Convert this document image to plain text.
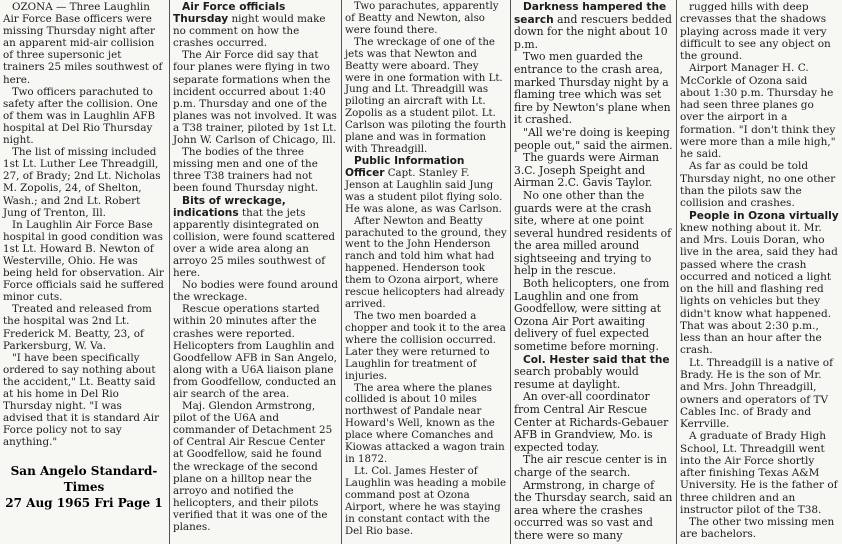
OZONA — Three Laughlin Air Force Base officers were missing Thursday night after an apparent mid-air collision of three supersonic jet trainers 25 miles southwest of here.

Two officers parachuted to safety after the collision. One of them was in Laughlin AFB hospital at Del Rio Thursday night.

The list of missing included 1st Lt. Luther Lee Threadgill, 27, of Brady; 2nd Lt. Nicholas M. Zopolis, 24, of Shelton, Wash.; and 2nd Lt. Robert Jung of Trenton, Ill.

In Laughlin Air Force Base hospital in good condition was 1st Lt. Howard B. Newton of Westerville, Ohio. He was being held for observation. Air Force officials said he suffered minor cuts.

Treated and released from the hospital was 2nd Lt. Frederick M. Beatty, 23, of Parkersburg, W. Va.

"I have been specifically ordered to say nothing about the accident," Lt. Beatty said at his home in Del Rio Thursday night. "I was advised that it is standard Air Force policy not to say anything."

Air Force officials Thursday night would make no comment on how the crashes occurred.

The Air Force did say that four planes were flying in two separate formations when the incident occurred about 1:40 p.m. Thursday and one of the planes was not involved. It was a T38 trainer, piloted by 1st Lt. John W. Carlson of Chicago, Ill.

The bodies of the three missing men and one of the three T38 trainers had not been found Thursday night.

Bits of wreckage, indications that the jets apparently disintegrated on collision, were found scattered over a wide area along an arroyo 25 miles southwest of here.

No bodies were found around the wreckage.

Rescue operations started within 20 minutes after the crashes were reported. Helicopters from Laughlin and Goodfellow AFB in San Angelo, along with a U6A liaison plane from Goodfellow, conducted an air search of the area.

Maj. Glendon Armstrong, pilot of the U6A and commander of Detachment 25 of Central Air Rescue Center at Goodfellow, said he found the wreckage of the second plane on a hilltop near the arroyo and notified the helicopters, and their pilots verified that it was one of the planes.

Two parachutes, apparently of Beatty and Newton, also were found there.

The wreckage of one of the jets was that Newton and Beatty were aboard. They were in one formation with Lt. Jung and Lt. Threadgill was piloting an aircraft with Lt. Zopolis as a student pilot. Lt. Carlson was piloting the fourth plane and was in formation with Threadgill.

Public Information Officer Capt. Stanley F. Jenson at Laughlin said Jung was a student pilot flying solo. He was alone, as was Carlson.

After Newton and Beatty parachuted to the ground, they went to the John Henderson ranch and told him what had happened. Henderson took them to Ozona airport, where rescue helicopters had already arrived.

The two men boarded a chopper and took it to the area where the collision occurred. Later they were returned to Laughlin for treatment of injuries.

The area where the planes collided is about 10 miles northwest of Pandale near Howard's Well, known as the place where Comanches and Kiowas attacked a wagon train in 1872.

Lt. Col. James Hester of Laughlin was heading a mobile command post at Ozona Airport, where he was staying in constant contact with the Del Rio base.

Darkness hampered the search and rescuers bedded down for the night about 10 p.m.

Two men guarded the entrance to the crash area, marked Thursday night by a flaming tree which was set fire by Newton's plane when it crashed.

"All we're doing is keeping people out," said the airmen.

The guards were Airman 3.C. Joseph Speight and Airman 2.C. Gavis Taylor.

No one other than the guards were at the crash site, where at one point several hundred residents of the area milled around sightseeing and trying to help in the rescue.

Both helicopters, one from Laughlin and one from Goodfellow, were sitting at Ozona Air Port awaiting delivery of fuel expected sometime before morning.

Col. Hester said that the search probably would resume at daylight.

An over-all coordinator from Central Air Rescue Center at Richards-Gebauer AFB in Grandview, Mo. is expected today.

The air rescue center is in charge of the search.

Armstrong, in charge of the Thursday search, said an area where the crashes occurred was so vast and there were so many

rugged hills with deep crevasses that the shadows playing across made it very difficult to see any object on the ground.

Airport Manager H. C. McCorkle of Ozona said about 1:30 p.m. Thursday he had seen three planes go over the airport in a formation. "I don't think they were more than a mile high," he said.

As far as could be told Thursday night, no one other than the pilots saw the collision and crashes.

People in Ozona virtually knew nothing about it. Mr. and Mrs. Louis Doran, who live in the area, said they had passed where the crash occurred and noticed a light on the hill and flashing red lights on vehicles but they didn't know what happened. That was about 2:30 p.m., less than an hour after the crash.

Lt. Threadgill is a native of Brady. He is the son of Mr. and Mrs. John Threadgill, owners and operators of TV Cables Inc. of Brady and Kerrville.

A graduate of Brady High School, Lt. Threadgill went into the Air Force shortly after finishing Texas A&M University. He is the father of three children and an instructor pilot of the T38.

The other two missing men are bachelors.

San Angelo Standard-Times
27 Aug 1965 Fri Page 1
